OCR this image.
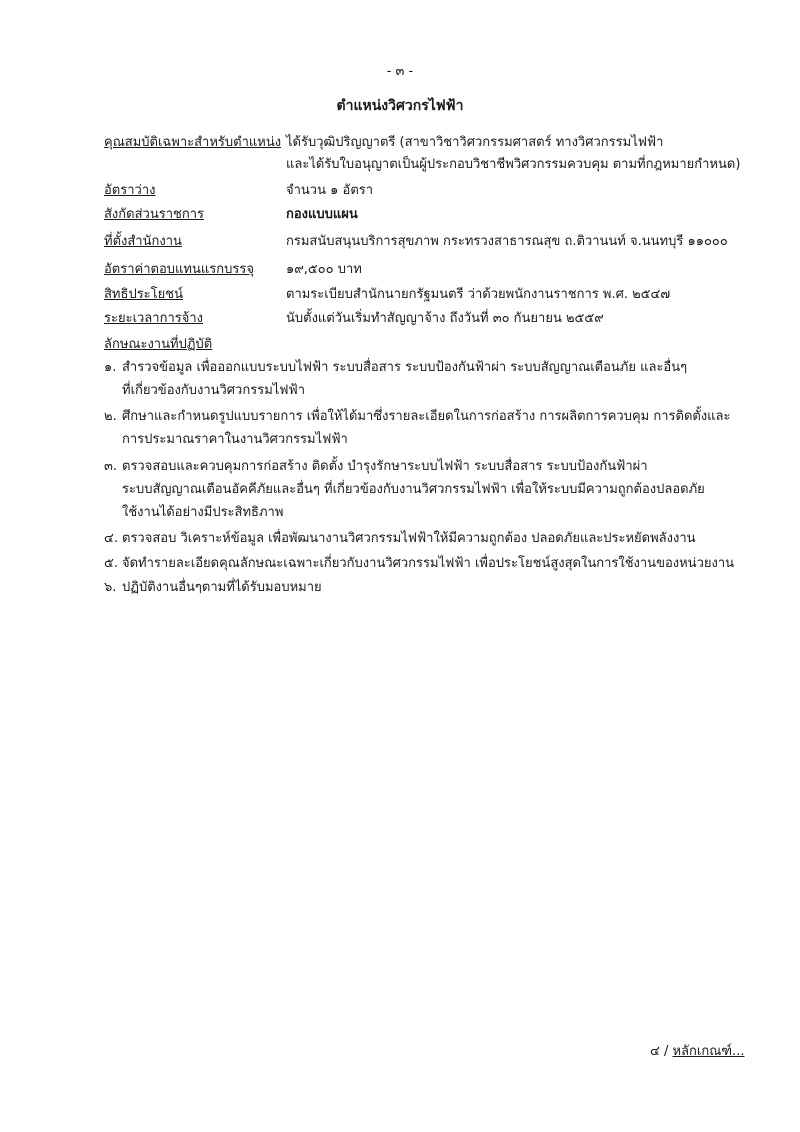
- ๓ -
ตำแหน่งวิศวกรไฟฟ้า
คุณสมบัติเฉพาะสำหรับตำแหน่ง ได้รับวุฒิปริญญาตรี (สาขาวิชาวิศวกรรมศาสตร์ ทางวิศวกรรมไฟฟ้า
และได้รับใบอนุญาตเป็นผู้ประกอบวิชาชีพวิศวกรรมควบคุม ตามที่กฎหมายกำหนด)
อัตราว่าง	จำนวน ๑ อัตรา
สังกัดส่วนราชการ	กองแบบแผน
ที่ตั้งสำนักงาน	กรมสนับสนุนบริการสุขภาพ กระทรวงสาธารณสุข ถ.ติวานนท์ จ.นนทบุรี ๑๑๐๐๐
อัตราค่าตอบแทนแรกบรรจุ ๑๙,๕๐๐ บาท
สิทธิประโยชน์	ตามระเบียบสำนักนายกรัฐมนตรี ว่าด้วยพนักงานราชการ พ.ศ. ๒๕๔๗
ระยะเวลาการจ้าง	นับตั้งแต่วันเริ่มทำสัญญาจ้าง ถึงวันที่ ๓๐ กันยายน ๒๕๕๙
ลักษณะงานที่ปฏิบัติ
๑. สำรวจข้อมูล เพื่อออกแบบระบบไฟฟ้า ระบบสื่อสาร ระบบป้องกันฟ้าผ่า ระบบสัญญาณเตือนภัย และอื่นๆ
ที่เกี่ยวข้องกับงานวิศวกรรมไฟฟ้า
๒. ศึกษาและกำหนดรูปแบบรายการ เพื่อให้ได้มาซึ่งรายละเอียดในการก่อสร้าง การผลิตการควบคุม การติดตั้งและ
การประมาณราคาในงานวิศวกรรมไฟฟ้า
๓. ตรวจสอบและควบคุมการก่อสร้าง ติดตั้ง บำรุงรักษาระบบไฟฟ้า ระบบสื่อสาร ระบบป้องกันฟ้าผ่า
ระบบสัญญาณเตือนอัคคีภัยและอื่นๆ ที่เกี่ยวข้องกับงานวิศวกรรมไฟฟ้า เพื่อให้ระบบมีความถูกต้องปลอดภัย
ใช้งานได้อย่างมีประสิทธิภาพ
๔. ตรวจสอบ วิเคราะห์ข้อมูล เพื่อพัฒนางานวิศวกรรมไฟฟ้าให้มีความถูกต้อง ปลอดภัยและประหยัดพลังงาน
๕. จัดทำรายละเอียดคุณลักษณะเฉพาะเกี่ยวกับงานวิศวกรรมไฟฟ้า เพื่อประโยชน์สูงสุดในการใช้งานของหน่วยงาน
๖. ปฏิบัติงานอื่นๆตามที่ได้รับมอบหมาย
๔ / หลักเกณฑ์...
